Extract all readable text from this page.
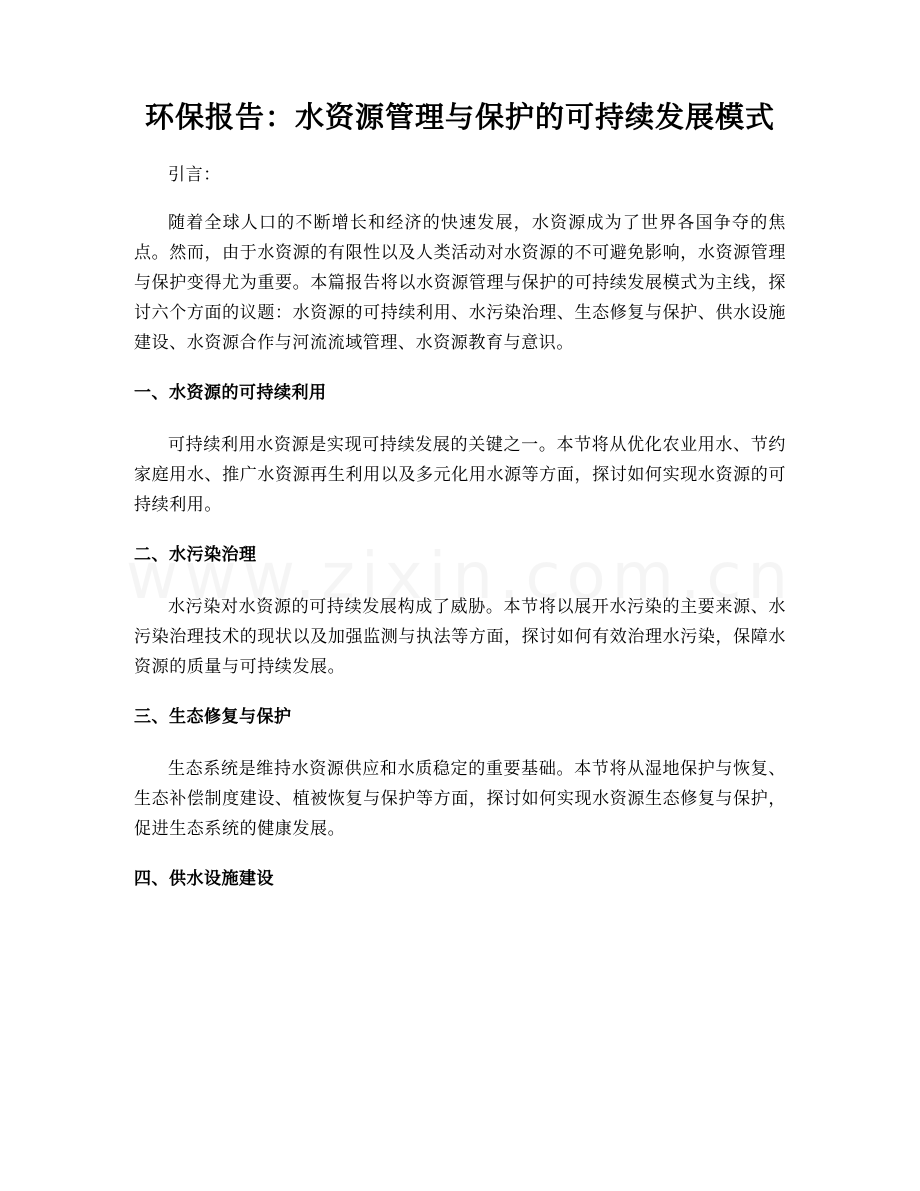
环保报告：水资源管理与保护的可持续发展模式

引言：

随着全球人口的不断增长和经济的快速发展，水资源成为了世界各国争夺的焦点。然而，由于水资源的有限性以及人类活动对水资源的不可避免影响，水资源管理与保护变得尤为重要。本篇报告将以水资源管理与保护的可持续发展模式为主线，探讨六个方面的议题：水资源的可持续利用、水污染治理、生态修复与保护、供水设施建设、水资源合作与河流流域管理、水资源教育与意识。

一、水资源的可持续利用

可持续利用水资源是实现可持续发展的关键之一。本节将从优化农业用水、节约家庭用水、推广水资源再生利用以及多元化用水源等方面，探讨如何实现水资源的可持续利用。

二、水污染治理

水污染对水资源的可持续发展构成了威胁。本节将以展开水污染的主要来源、水污染治理技术的现状以及加强监测与执法等方面，探讨如何有效治理水污染，保障水资源的质量与可持续发展。

三、生态修复与保护

生态系统是维持水资源供应和水质稳定的重要基础。本节将从湿地保护与恢复、生态补偿制度建设、植被恢复与保护等方面，探讨如何实现水资源生态修复与保护，促进生态系统的健康发展。

四、供水设施建设
